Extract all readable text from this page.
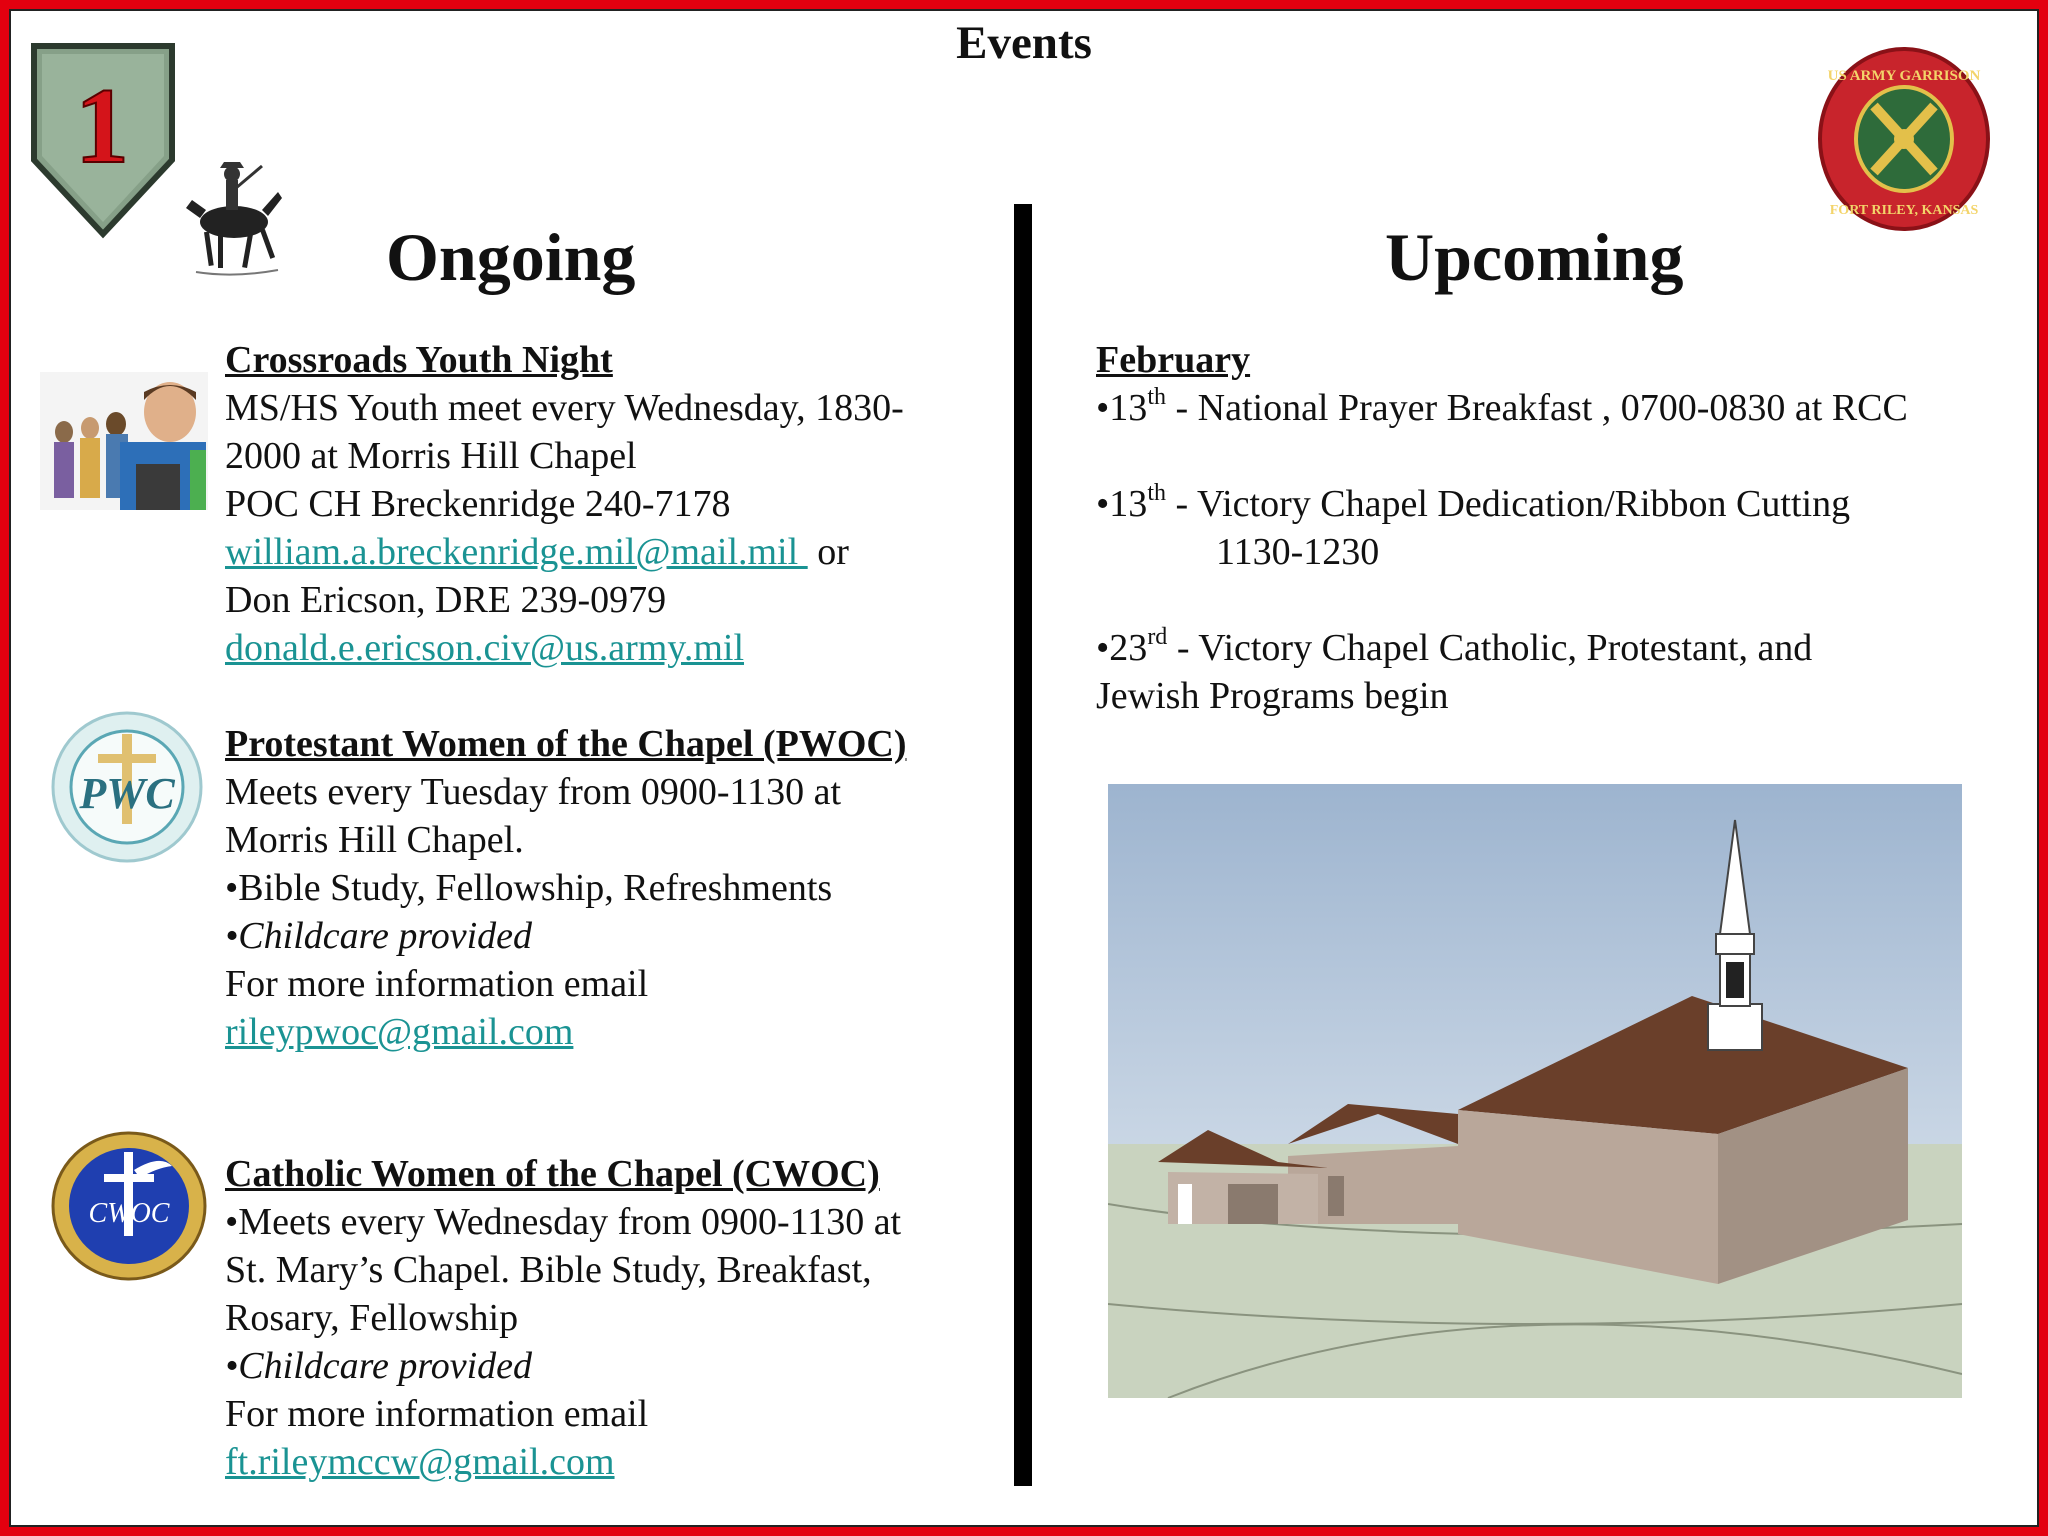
Events
1	US ARMY GARRISON
FORT RILEY, KANSAS
Ongoing	Upcoming
Crossroads Youth Night
MS/HS Youth meet every Wednesday, 1830-
2000 at Morris Hill Chapel
POC CH Breckenridge 240-7178
william.a.breckenridge.mil@mail.mil  or
Don Ericson, DRE 239-0979
donald.e.ericson.civ@us.army.mil
PWC
Protestant Women of the Chapel (PWOC)
Meets every Tuesday from 0900-1130 at
Morris Hill Chapel.
•Bible Study, Fellowship, Refreshments
•Childcare provided
For more information email
rileypwoc@gmail.com
CWOC
Catholic Women of the Chapel (CWOC)
•Meets every Wednesday from 0900-1130 at
St. Mary’s Chapel. Bible Study, Breakfast,
Rosary, Fellowship
•Childcare provided
For more information email
ft.rileymccw@gmail.com
February
•13th - National Prayer Breakfast , 0700-0830 at RCC
•13th - Victory Chapel Dedication/Ribbon Cutting
1130-1230
•23rd - Victory Chapel Catholic, Protestant, and
Jewish Programs begin
